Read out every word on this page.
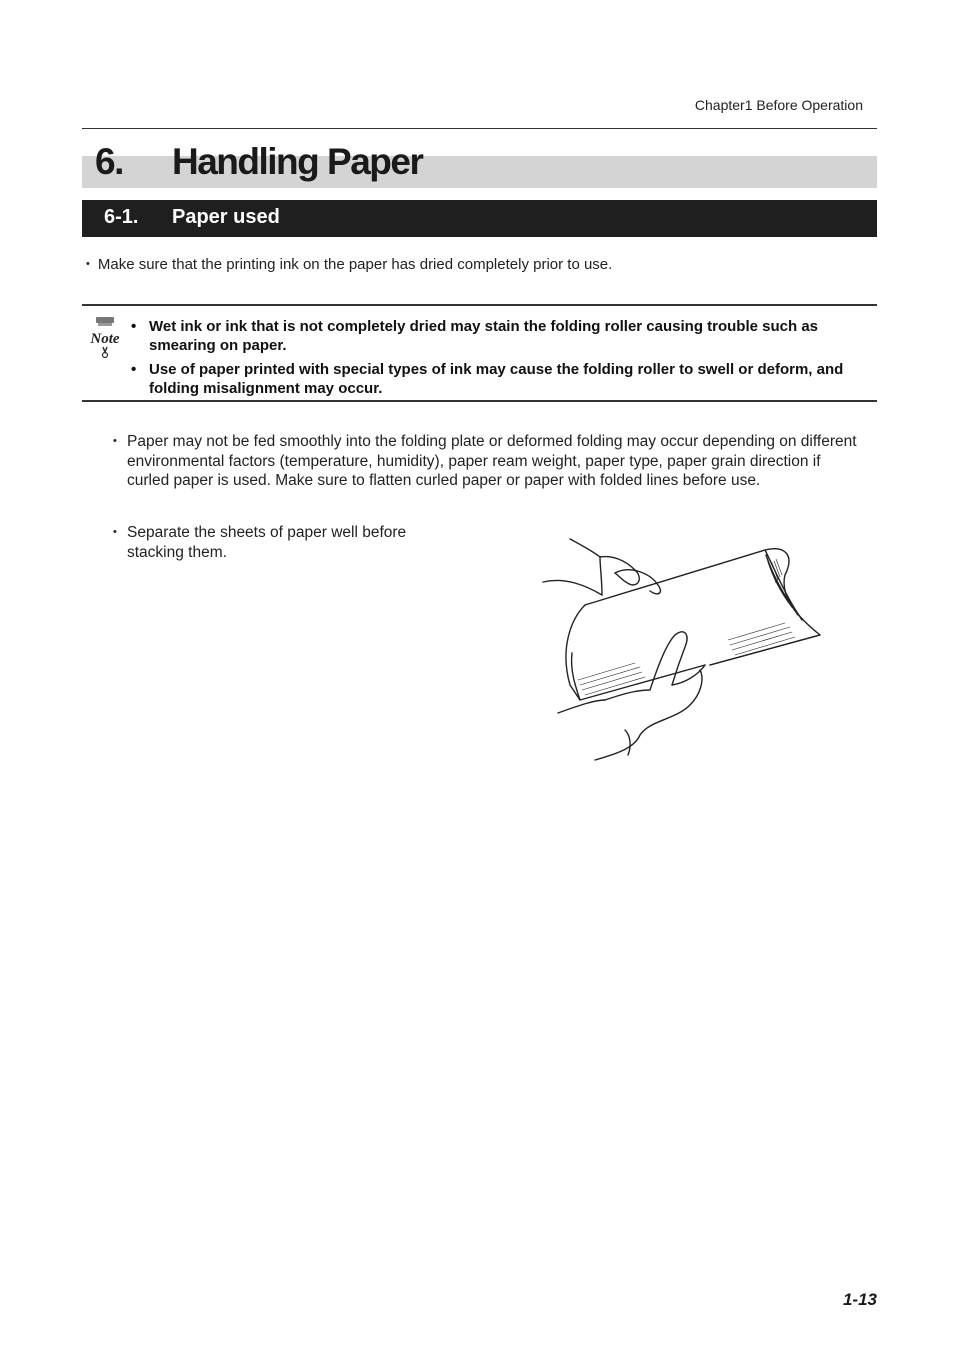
Chapter1 Before Operation
6. Handling Paper
6-1. Paper used
• Make sure that the printing ink on the paper has dried completely prior to use.
Note
• Wet ink or ink that is not completely dried may stain the folding roller causing trouble such as smearing on paper.
• Use of paper printed with special types of ink may cause the folding roller to swell or deform, and folding misalignment may occur.
• Paper may not be fed smoothly into the folding plate or deformed folding may occur depending on different environmental factors (temperature, humidity), paper ream weight, paper type, paper grain direction if curled paper is used. Make sure to flatten curled paper or paper with folded lines before use.
• Separate the sheets of paper well before stacking them.
1-13
